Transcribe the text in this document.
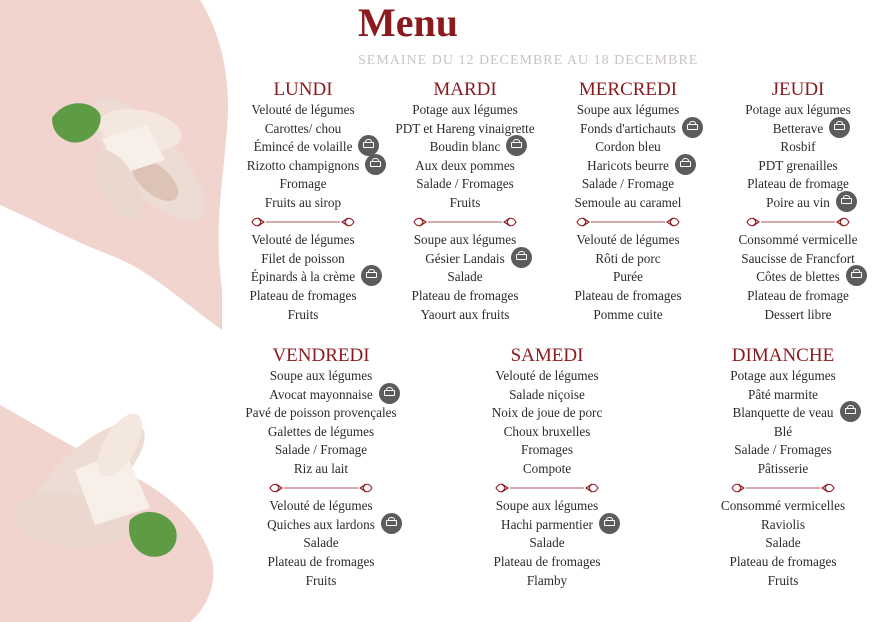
Menu
SEMAINE DU 12 DECEMBRE AU 18 DECEMBRE
LUNDI
Velouté de légumes
Carottes/ chou
Émincé de volaille
Rizotto champignons
Fromage
Fruits au sirop
Velouté de légumes
Filet de poisson
Épinards à la crème
Plateau de fromages
Fruits
MARDI
Potage aux légumes
PDT et Hareng vinaigrette
Boudin blanc
Aux deux pommes
Salade / Fromages
Fruits
Soupe aux légumes
Gésier Landais
Salade
Plateau de fromages
Yaourt aux fruits
MERCREDI
Soupe aux légumes
Fonds d'artichauts
Cordon bleu
Haricots beurre
Salade / Fromage
Semoule au caramel
Velouté de légumes
Rôti de porc
Purée
Plateau de fromages
Pomme cuite
JEUDI
Potage aux légumes
Betterave
Rosbif
PDT grenailles
Plateau de fromage
Poire au vin
Consommé vermicelle
Saucisse de Francfort
Côtes de blettes
Plateau de fromage
Dessert libre
VENDREDI
Soupe aux légumes
Avocat mayonnaise
Pavé de poisson provençales
Galettes de légumes
Salade / Fromage
Riz au lait
Velouté de légumes
Quiches aux lardons
Salade
Plateau de fromages
Fruits
SAMEDI
Velouté de légumes
Salade niçoise
Noix de joue de porc
Choux bruxelles
Fromages
Compote
Soupe aux légumes
Hachi parmentier
Salade
Plateau de fromages
Flamby
DIMANCHE
Potage aux légumes
Pâté marmite
Blanquette de veau
Blé
Salade / Fromages
Pâtisserie
Consommé vermicelles
Raviolis
Salade
Plateau de fromages
Fruits
